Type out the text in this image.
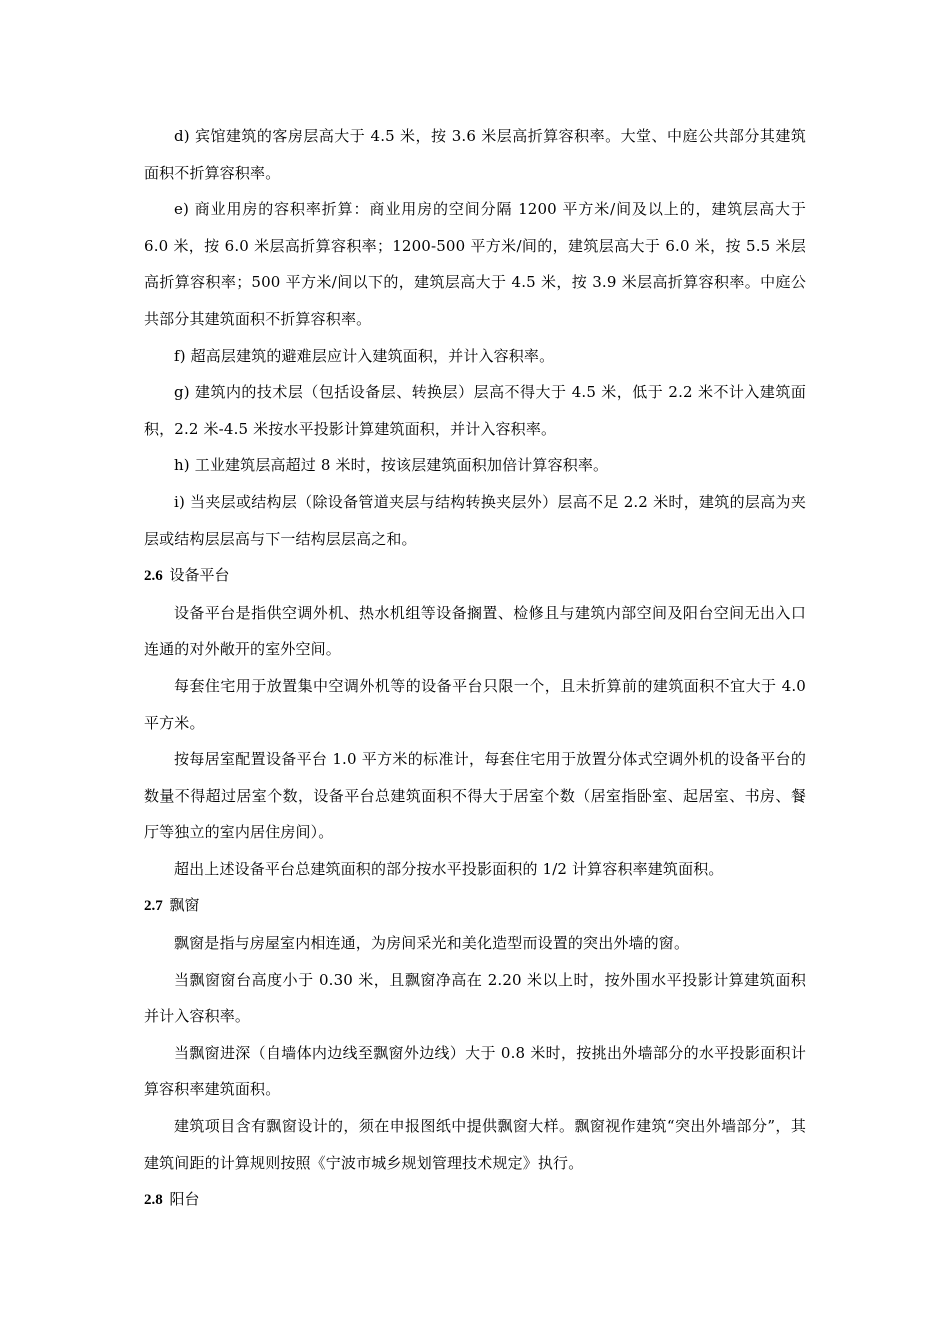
d) 宾馆建筑的客房层高大于 4.5 米，按 3.6 米层高折算容积率。大堂、中庭公共部分其建筑面积不折算容积率。

e) 商业用房的容积率折算：商业用房的空间分隔 1200 平方米/间及以上的，建筑层高大于 6.0 米，按 6.0 米层高折算容积率；1200-500 平方米/间的，建筑层高大于 6.0 米，按 5.5 米层高折算容积率；500 平方米/间以下的，建筑层高大于 4.5 米，按 3.9 米层高折算容积率。中庭公共部分其建筑面积不折算容积率。

f) 超高层建筑的避难层应计入建筑面积，并计入容积率。

g) 建筑内的技术层（包括设备层、转换层）层高不得大于 4.5 米，低于 2.2 米不计入建筑面积，2.2 米-4.5 米按水平投影计算建筑面积，并计入容积率。

h) 工业建筑层高超过 8 米时，按该层建筑面积加倍计算容积率。

i) 当夹层或结构层（除设备管道夹层与结构转换夹层外）层高不足 2.2 米时，建筑的层高为夹层或结构层层高与下一结构层层高之和。

2.6 设备平台

设备平台是指供空调外机、热水机组等设备搁置、检修且与建筑内部空间及阳台空间无出入口连通的对外敞开的室外空间。

每套住宅用于放置集中空调外机等的设备平台只限一个，且未折算前的建筑面积不宜大于 4.0 平方米。

按每居室配置设备平台 1.0 平方米的标准计，每套住宅用于放置分体式空调外机的设备平台的数量不得超过居室个数，设备平台总建筑面积不得大于居室个数（居室指卧室、起居室、书房、餐厅等独立的室内居住房间）。

超出上述设备平台总建筑面积的部分按水平投影面积的 1/2 计算容积率建筑面积。

2.7 飘窗

飘窗是指与房屋室内相连通，为房间采光和美化造型而设置的突出外墙的窗。

当飘窗窗台高度小于 0.30 米，且飘窗净高在 2.20 米以上时，按外围水平投影计算建筑面积并计入容积率。

当飘窗进深（自墙体内边线至飘窗外边线）大于 0.8 米时，按挑出外墙部分的水平投影面积计算容积率建筑面积。

建筑项目含有飘窗设计的，须在申报图纸中提供飘窗大样。飘窗视作建筑“突出外墙部分”，其建筑间距的计算规则按照《宁波市城乡规划管理技术规定》执行。

2.8 阳台
